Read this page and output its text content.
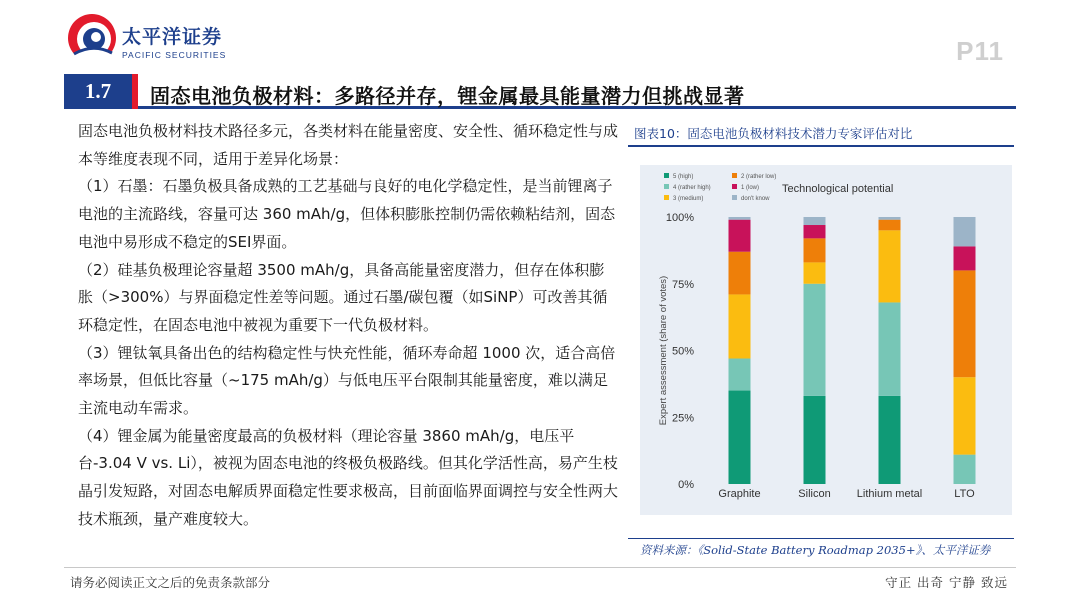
太平洋证券
PACIFIC SECURITIES	P11
1.7	固态电池负极材料：多路径并存，锂金属最具能量潜力但挑战显著

固态电池负极材料技术路径多元，各类材料在能量密度、安全性、循环稳定性与成本等维度表现不同，适用于差异化场景：

（1）石墨：石墨负极具备成熟的工艺基础与良好的电化学稳定性，是当前锂离子电池的主流路线，容量可达 360 mAh/g，但体积膨胀控制仍需依赖粘结剂，固态电池中易形成不稳定的SEI界面。

（2）硅基负极理论容量超 3500 mAh/g，具备高能量密度潜力，但存在体积膨胀（>300%）与界面稳定性差等问题。通过石墨/碳包覆（如SiNP）可改善其循环稳定性，在固态电池中被视为重要下一代负极材料。

（3）锂钛氧具备出色的结构稳定性与快充性能，循环寿命超 1000 次，适合高倍率场景，但低比容量（~175 mAh/g）与低电压平台限制其能量密度，难以满足主流电动车需求。

（4）锂金属为能量密度最高的负极材料（理论容量 3860 mAh/g，电压平台-3.04 V vs. Li），被视为固态电池的终极负极路线。但其化学活性高，易产生枝晶引发短路，对固态电解质界面稳定性要求极高，目前面临界面调控与安全性两大技术瓶颈，量产难度较大。

图表10：固态电池负极材料技术潜力专家评估对比
Technological potential
5 (high)
4 (rather high)
3 (medium)
2 (rather low)
1 (low)
don't know
0%
25%
50%
75%
100%
Expert assessment (share of votes)
Graphite	Silicon Lithium metal	LTO
资料来源：《Solid-State Battery Roadmap 2035+》、太平洋证券
请务必阅读正文之后的免责条款部分	守正 出奇 宁静 致远
